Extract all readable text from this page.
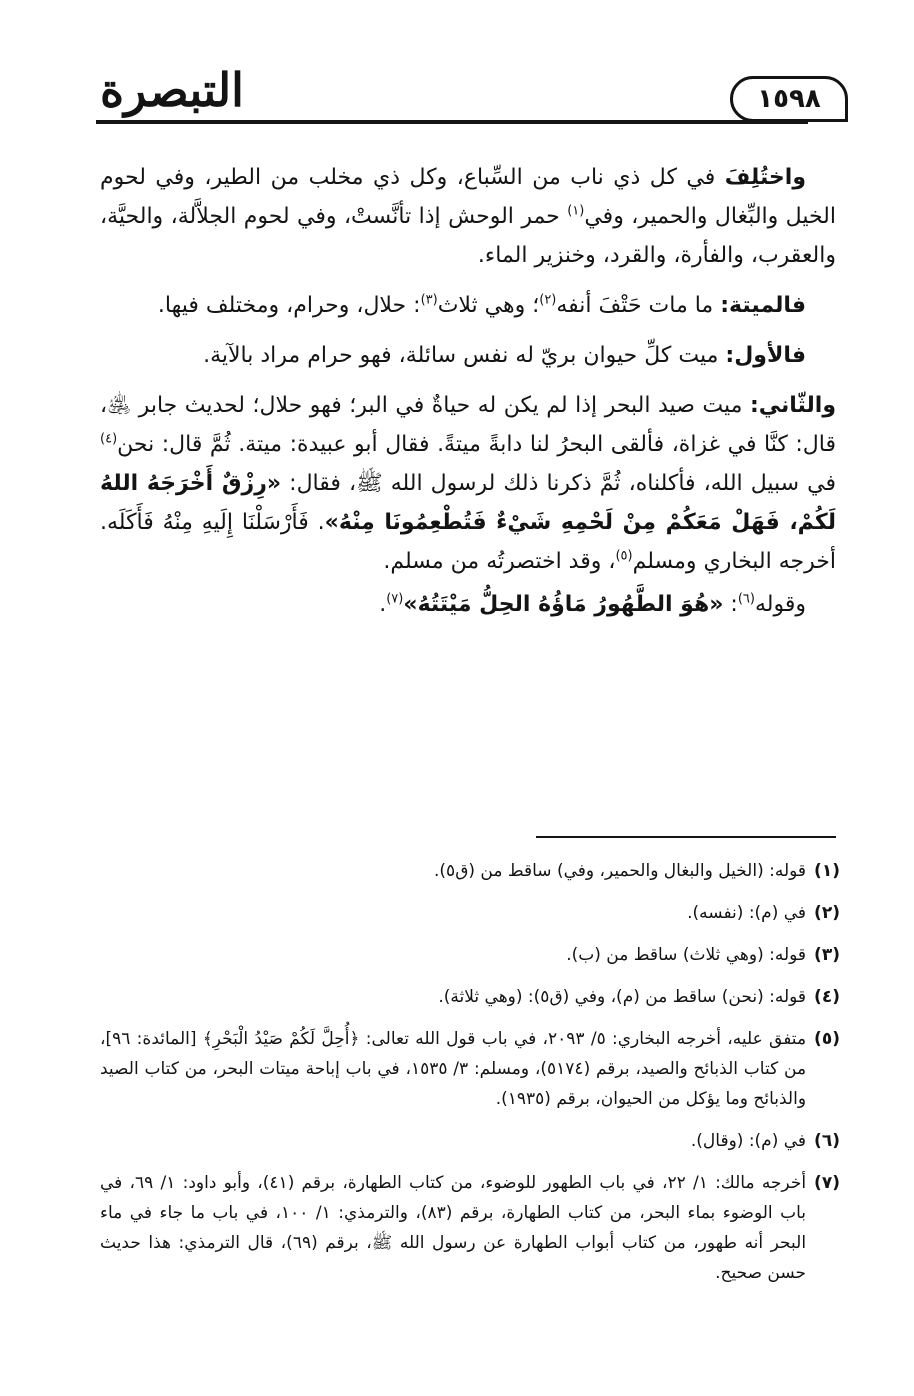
التبصرة	١٥٩٨

واختُلِفَ في كل ذي ناب من السِّباع، وكل ذي مخلب من الطير، وفي لحوم الخيل والبِّغال والحمير، وفي$^{(١)}$ حمر الوحش إذا تأنَّستْ، وفي لحوم الجلاَّلة، والحيَّة، والعقرب، والفأرة، والقرد، وخنزير الماء.

فالميتة: ما مات حَتْفَ أنفه$^{(٢)}$؛ وهي ثلاث$^{(٣)}$: حلال، وحرام، ومختلف فيها.

فالأول: ميت كلِّ حيوان بريّ له نفس سائلة، فهو حرام مراد بالآية.

والثّاني: ميت صيد البحر إذا لم يكن له حياةٌ في البر؛ فهو حلال؛ لحديث جابر ﵁، قال: كنَّا في غزاة، فألقى البحرُ لنا دابةً ميتةً. فقال أبو عبيدة: ميتة. ثُمَّ قال: نحن$^{(٤)}$ في سبيل الله، فأكلناه، ثُمَّ ذكرنا ذلك لرسول الله ﷺ، فقال: «رِزْقٌ أَخْرَجَهُ اللهُ لَكُمْ، فَهَلْ مَعَكُمْ مِنْ لَحْمِهِ شَيْءٌ فَتُطْعِمُونَا مِنْهُ». فَأَرْسَلْنَا إِلَيهِ مِنْهُ فَأَكَلَه. أخرجه البخاري ومسلم$^{(٥)}$، وقد اختصرتُه من مسلم.

وقوله$^{(٦)}$: «هُوَ الطَّهُورُ مَاؤُهُ الحِلُّ مَيْتَتُهُ»$^{(٧)}$.

(١)
قوله: (الخيل والبغال والحمير، وفي) ساقط من (ق٥).
(٢)
في (م): (نفسه).
(٣)
قوله: (وهي ثلاث) ساقط من (ب).
(٤)
قوله: (نحن) ساقط من (م)، وفي (ق٥): (وهي ثلاثة).
(٥)
متفق عليه، أخرجه البخاري: ٥/ ٢٠٩٣، في باب قول الله تعالى: ﴿أُحِلَّ لَكُمْ صَيْدُ الْبَحْرِ﴾ [المائدة: ٩٦]، من كتاب الذبائح والصيد، برقم (٥١٧٤)، ومسلم: ٣/ ١٥٣٥، في باب إباحة ميتات البحر، من كتاب الصيد والذبائح وما يؤكل من الحيوان، برقم (١٩٣٥).
(٦)
في (م): (وقال).
(٧)
أخرجه مالك: ١/ ٢٢، في باب الطهور للوضوء، من كتاب الطهارة، برقم (٤١)، وأبو داود: ١/ ٦٩، في باب الوضوء بماء البحر، من كتاب الطهارة، برقم (٨٣)، والترمذي: ١/ ١٠٠، في باب ما جاء في ماء البحر أنه طهور، من كتاب أبواب الطهارة عن رسول الله ﷺ، برقم (٦٩)، قال الترمذي: هذا حديث حسن صحيح.
